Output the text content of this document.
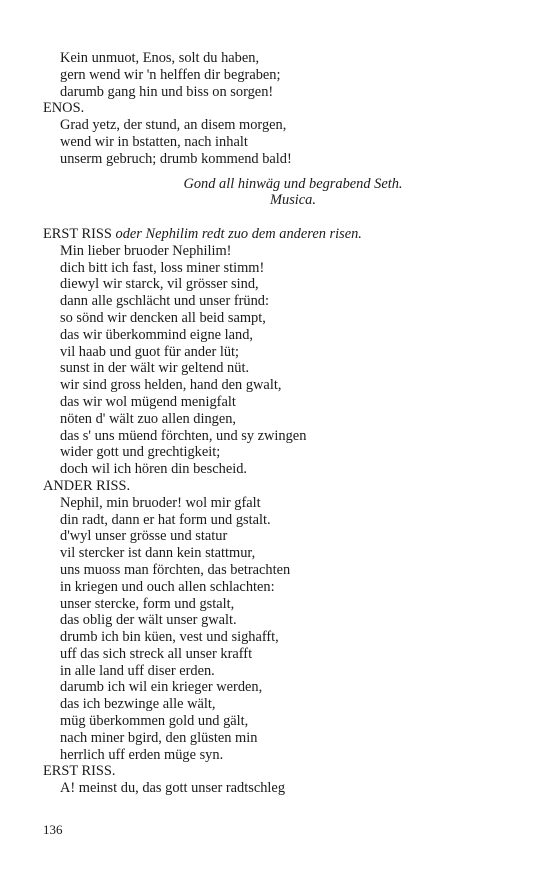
Kein unmuot, Enos, solt du haben,
gern wend wir 'n helffen dir begraben;
darumb gang hin und biss on sorgen!
ENOS.
Grad yetz, der stund, an disem morgen,
wend wir in bstatten, nach inhalt
unserm gebruch; drumb kommend bald!
Gond all hinwäg und begrabend Seth.
Musica.
ERST RISS oder Nephilim redt zuo dem anderen risen.
Min lieber bruoder Nephilim!
dich bitt ich fast, loss miner stimm!
diewyl wir starck, vil grösser sind,
dann alle gschlächt und unser fründ:
so sönd wir dencken all beid sampt,
das wir überkommind eigne land,
vil haab und guot für ander lüt;
sunst in der wält wir geltend nüt.
wir sind gross helden, hand den gwalt,
das wir wol mügend menigfalt
nöten d' wält zuo allen dingen,
das s' uns müend förchten, und sy zwingen
wider gott und grechtigkeit;
doch wil ich hören din bescheid.
ANDER RISS.
Nephil, min bruoder! wol mir gfalt
din radt, dann er hat form und gstalt.
d'wyl unser grösse und statur
vil stercker ist dann kein stattmur,
uns muoss man förchten, das betrachten
in kriegen und ouch allen schlachten:
unser stercke, form und gstalt,
das oblig der wält unser gwalt.
drumb ich bin küen, vest und sighafft,
uff das sich streck all unser krafft
in alle land uff diser erden.
darumb ich wil ein krieger werden,
das ich bezwinge alle wält,
müg überkommen gold und gält,
nach miner bgird, den glüsten min
herrlich uff erden müge syn.
ERST RISS.
A! meinst du, das gott unser radtschleg
136
